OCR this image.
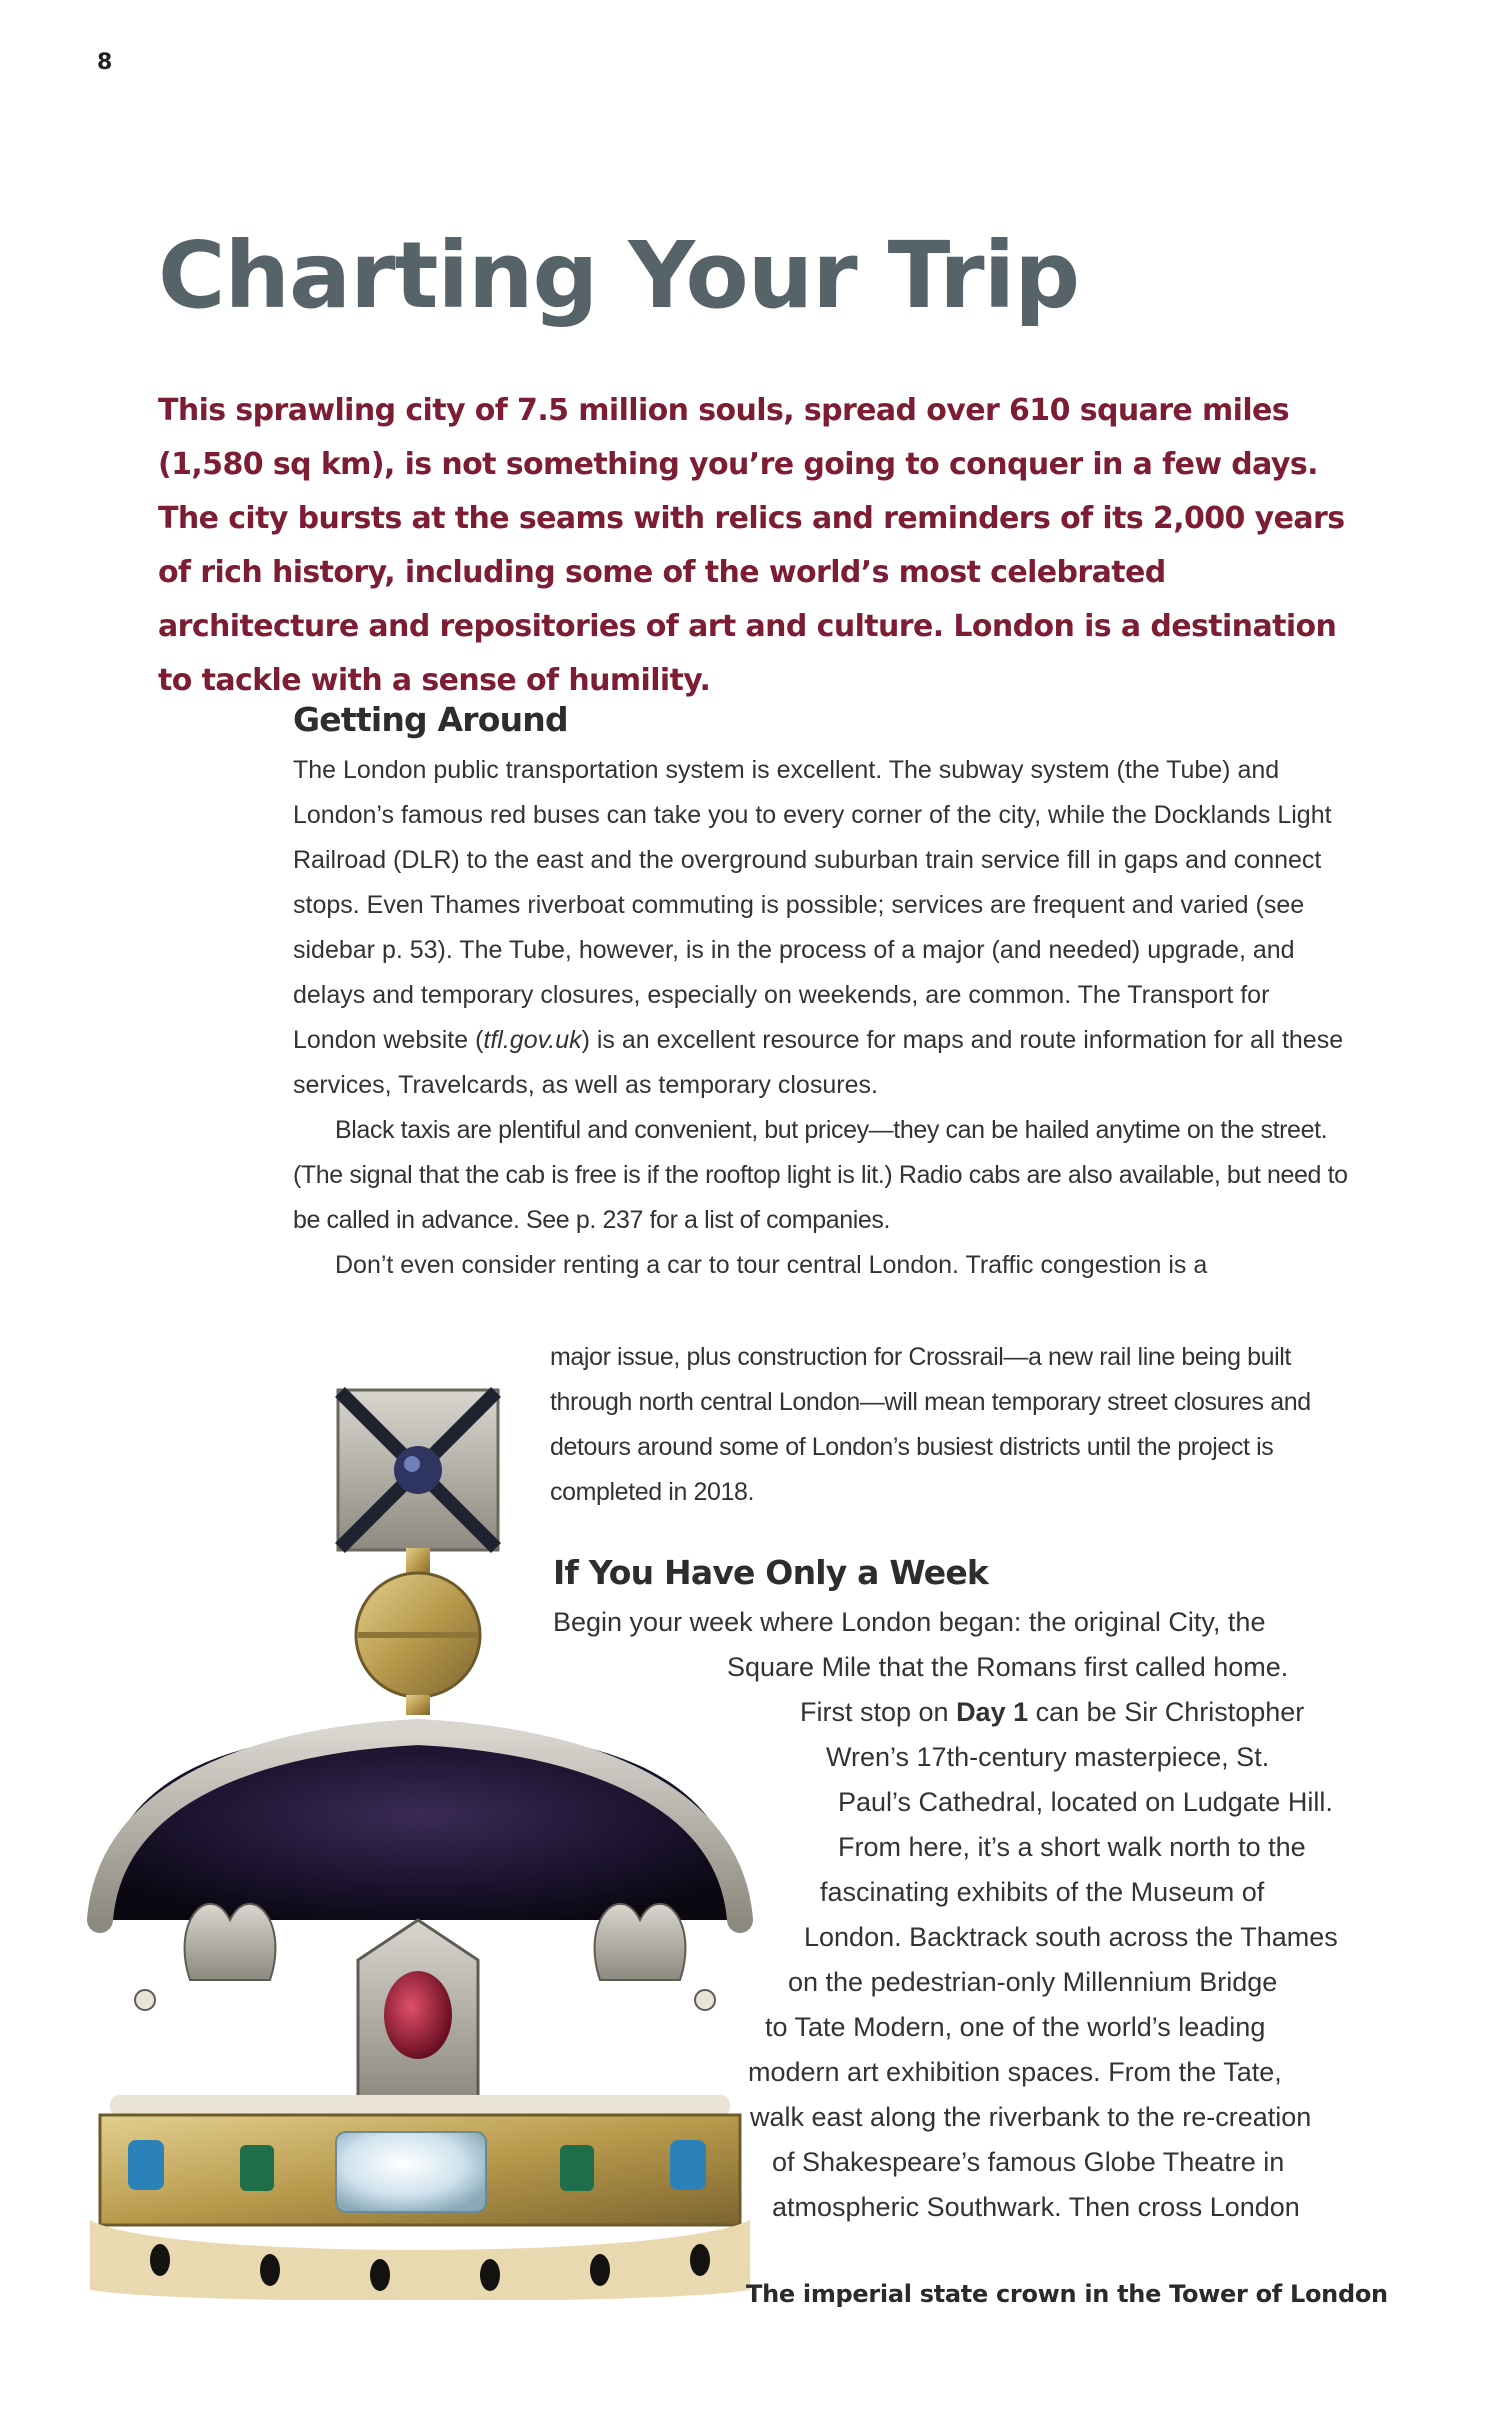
8
Charting Your Trip

This sprawling city of 7.5 million souls, spread over 610 square miles (1,580 sq km), is not something you’re going to conquer in a few days. The city bursts at the seams with relics and reminders of its 2,000 years of rich history, including some of the world’s most celebrated architecture and repositories of art and culture. London is a destination to tackle with a sense of humility.

Getting Around

The London public transportation system is excellent. The subway system (the Tube) and London’s famous red buses can take you to every corner of the city, while the Docklands Light Railroad (DLR) to the east and the overground suburban train service fill in gaps and connect stops. Even Thames riverboat commuting is possible; services are frequent and varied (see sidebar p. 53). The Tube, however, is in the process of a major (and needed) upgrade, and delays and temporary closures, especially on weekends, are common. The Transport for London website (tfl.gov.uk) is an excellent resource for maps and route information for all these services, Travelcards, as well as temporary closures.

Black taxis are plentiful and convenient, but pricey—they can be hailed anytime on the street. (The signal that the cab is free is if the rooftop light is lit.) Radio cabs are also available, but need to be called in advance. See p. 237 for a list of companies.

Don’t even consider renting a car to tour central London. Traffic congestion is a

major issue, plus construction for Crossrail—a new rail line being built through north central London—will mean temporary street closures and detours around some of London’s busiest districts until the project is completed in 2018.

If You Have Only a Week
Begin your week where London began: the original City, the
Square Mile that the Romans first called home.
First stop on Day 1 can be Sir Christopher
Wren’s 17th-century masterpiece, St.
Paul’s Cathedral, located on Ludgate Hill.
From here, it’s a short walk north to the
fascinating exhibits of the Museum of
London. Backtrack south across the Thames
on the pedestrian-only Millennium Bridge
to Tate Modern, one of the world’s leading
modern art exhibition spaces. From the Tate,
walk east along the riverbank to the re-creation
of Shakespeare’s famous Globe Theatre in
atmospheric Southwark. Then cross London

The imperial state crown in the Tower of London
